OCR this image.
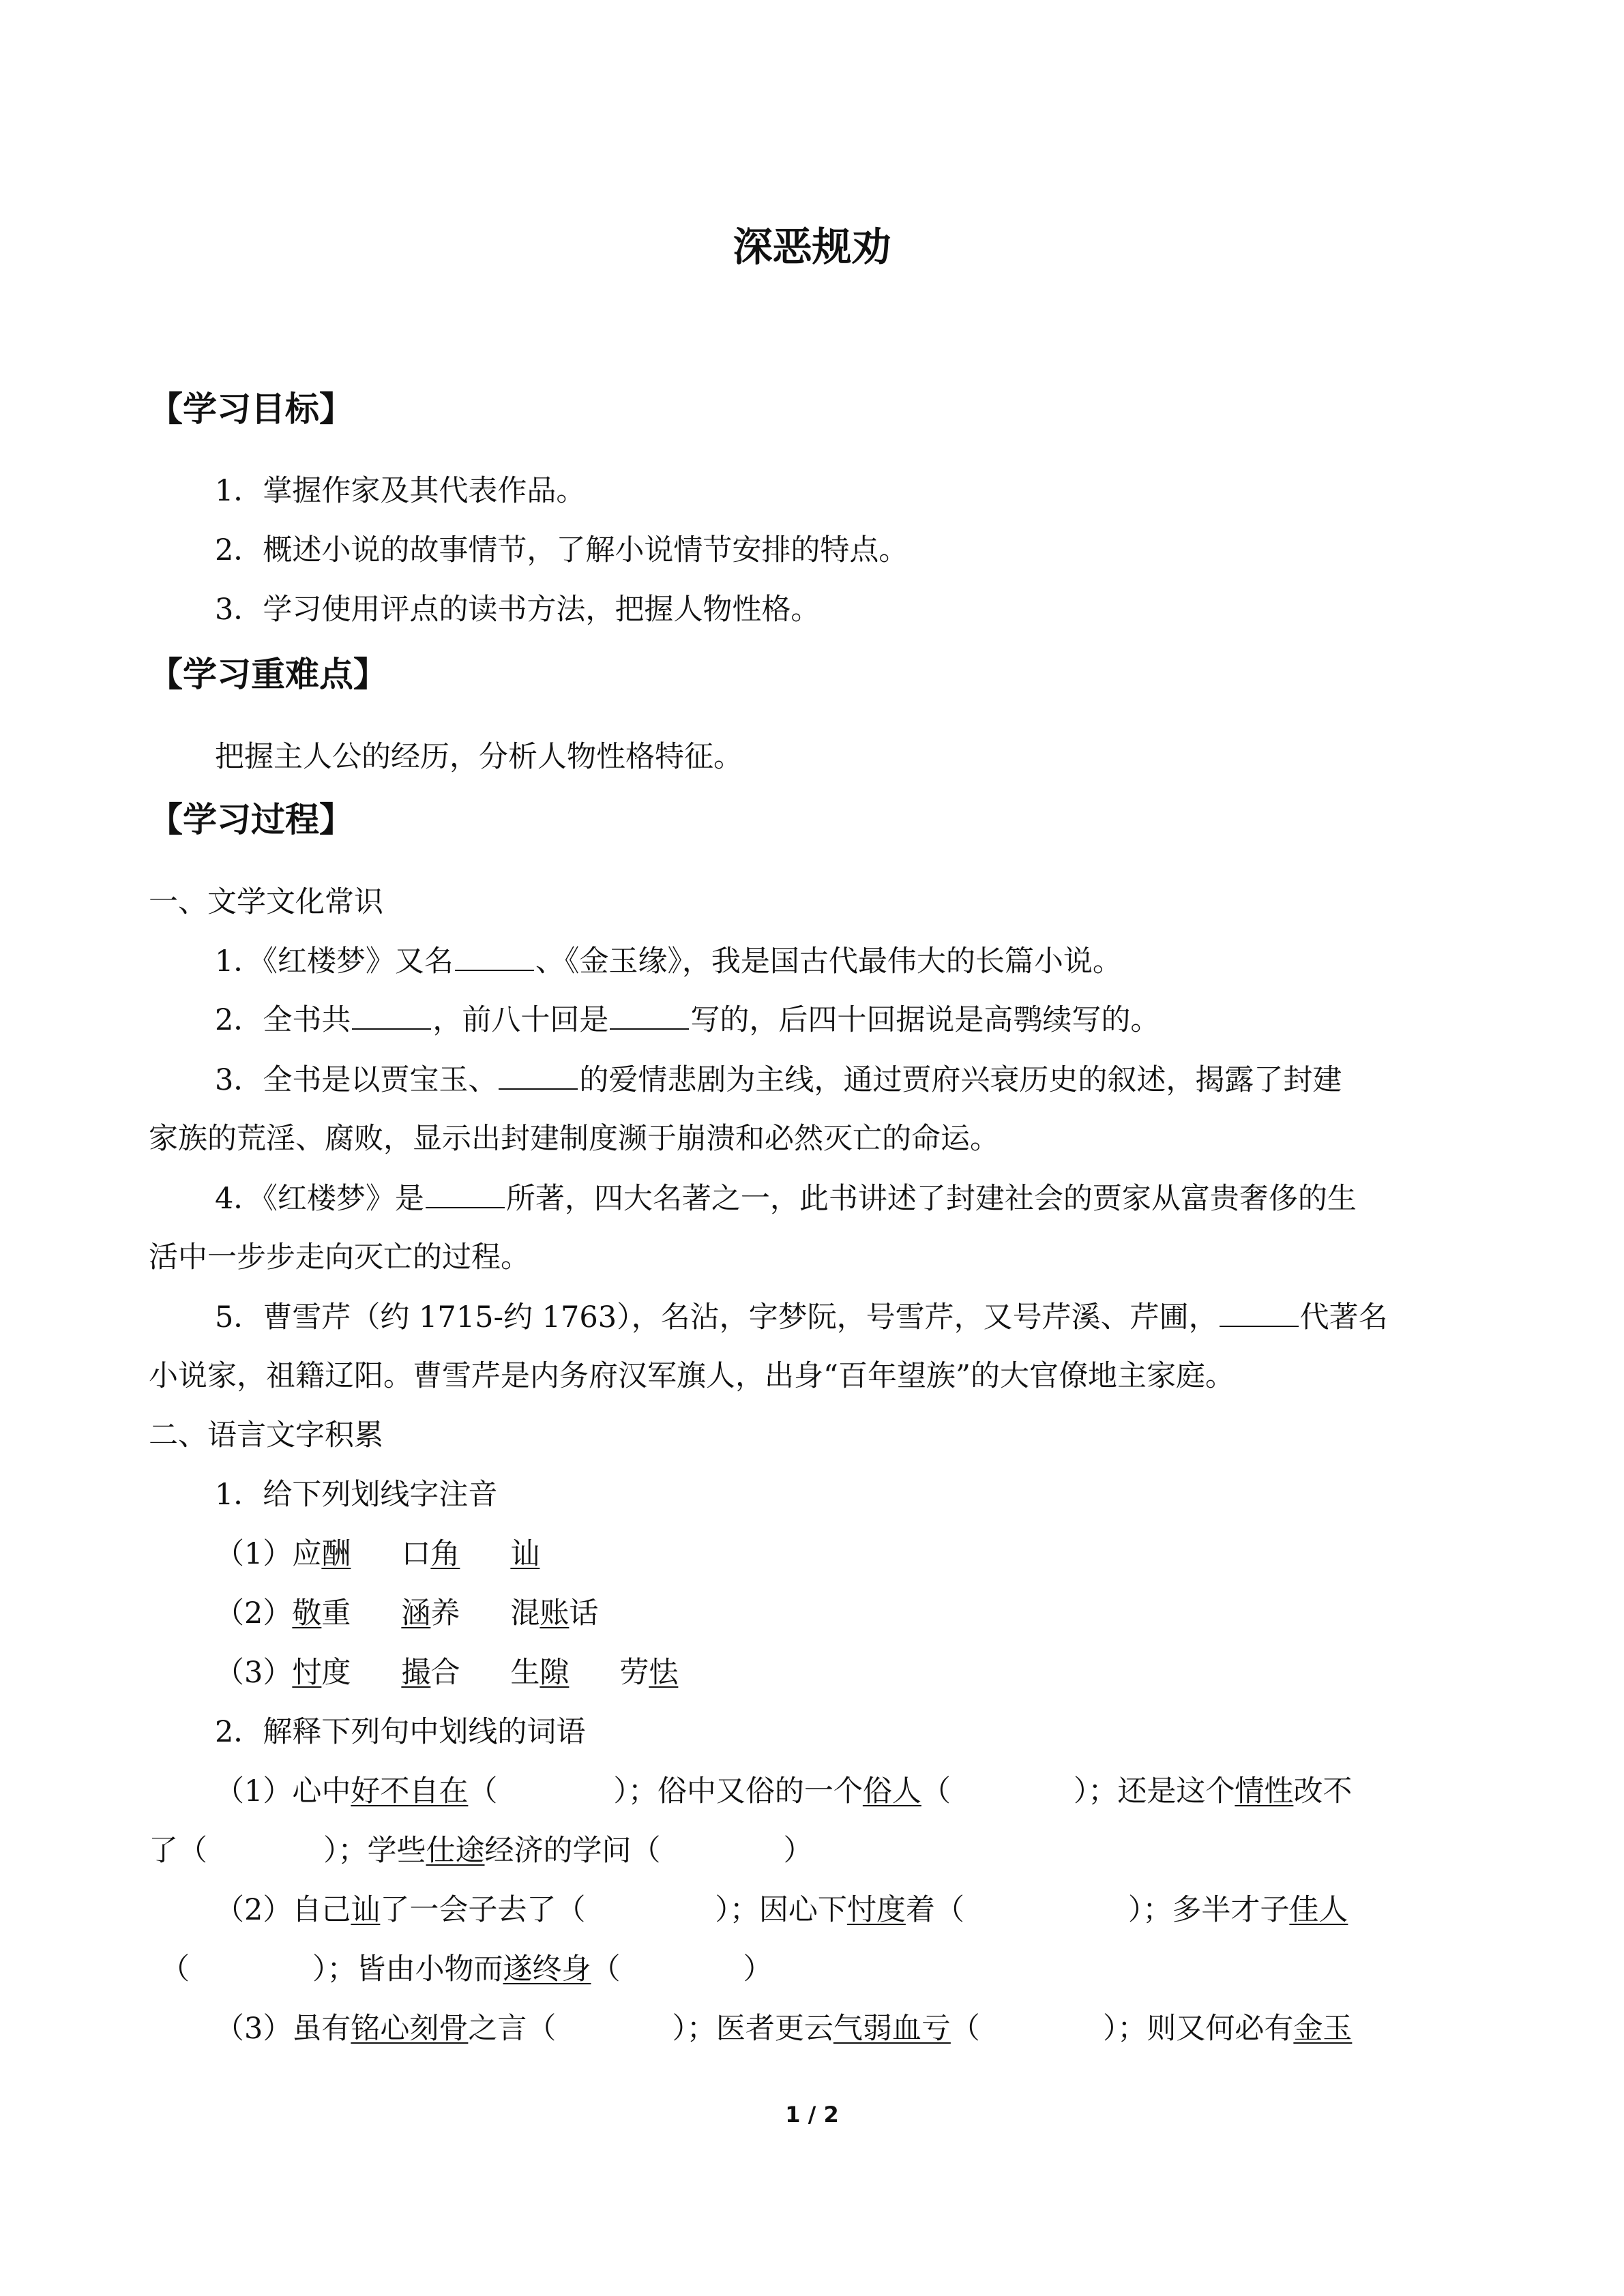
深恶规劝
【学习目标】
1．掌握作家及其代表作品。
2．概述小说的故事情节，了解小说情节安排的特点。
3．学习使用评点的读书方法，把握人物性格。
【学习重难点】
把握主人公的经历，分析人物性格特征。
【学习过程】
一、文学文化常识
1．《红楼梦》又名	、《金玉缘》，我是国古代最伟大的长篇小说。
2．全书共	，前八十回是	写的，后四十回据说是高鹗续写的。
3．全书是以贾宝玉、	的爱情悲剧为主线，通过贾府兴衰历史的叙述，揭露了封建
家族的荒淫、腐败，显示出封建制度濒于崩溃和必然灭亡的命运。
4．《红楼梦》是	所著，四大名著之一，此书讲述了封建社会的贾家从富贵奢侈的生
活中一步步走向灭亡的过程。
5．曹雪芹（约 1715-约 1763），名沾，字梦阮，号雪芹，又号芹溪、芹圃，	代著名
小说家，祖籍辽阳。曹雪芹是内务府汉军旗人，出身“百年望族”的大官僚地主家庭。
二、语言文字积累
1．给下列划线字注音
（1）应酬 口角 讪
（2）敬重 涵养 混账话
（3）忖度 撮合 生隙 劳怯
2．解释下列句中划线的词语
（1）心中好不自在（	）；俗中又俗的一个俗人（	）；还是这个情性改不
了（	）；学些仕途经济的学问（	）
（2）自己讪了一会子去了（	）；因心下忖度着（	）；多半才子佳人
（	）；皆由小物而遂终身（	）
（3）虽有铭心刻骨之言（	）；医者更云气弱血亏（	）；则又何必有金玉
1 / 2
